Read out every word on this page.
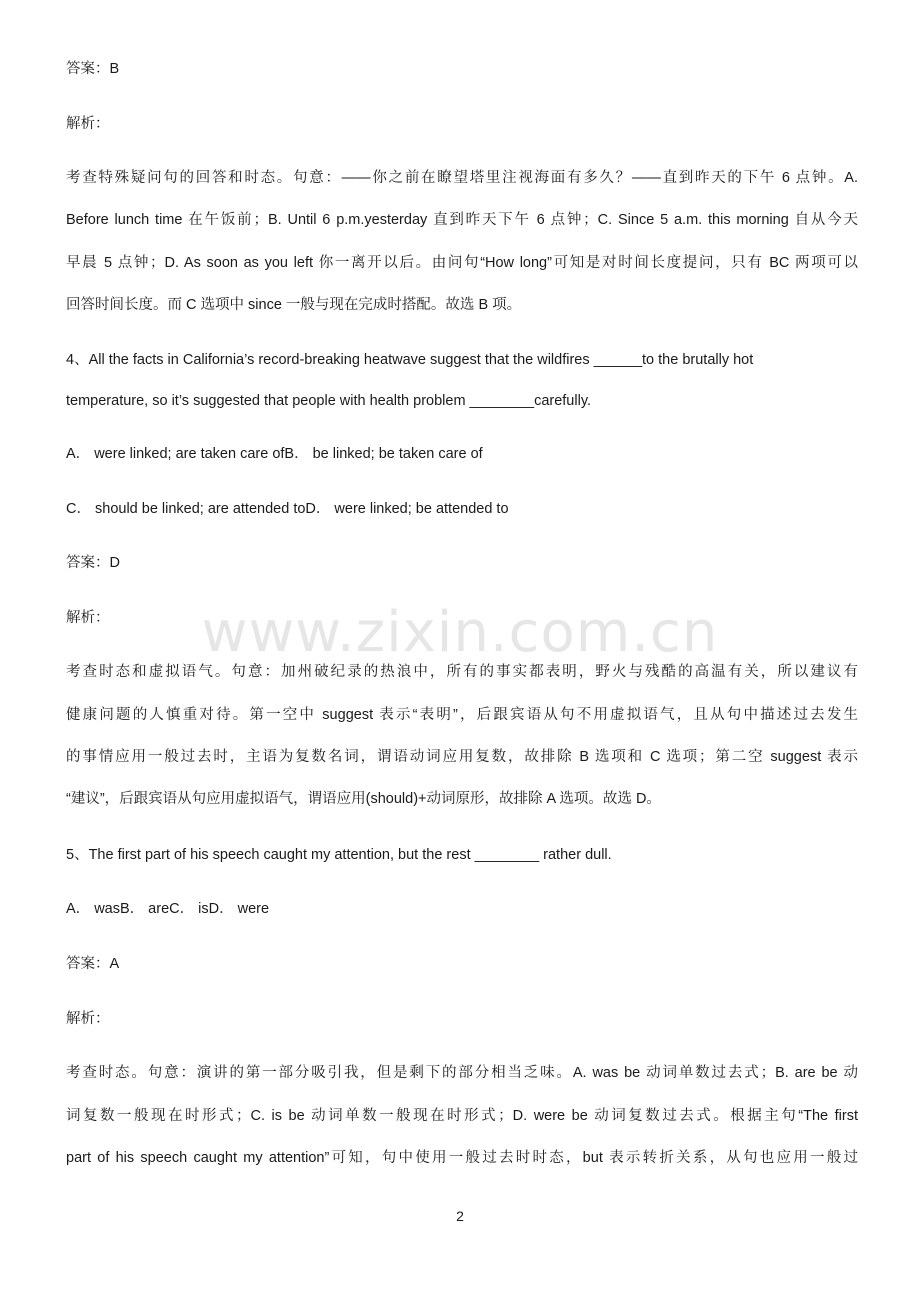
www.zixin.com.cn
答案：B
解析：
考查特殊疑问句的回答和时态。句意：——你之前在瞭望塔里注视海面有多久？——直到昨天的下午 6 点钟。A.
Before lunch time 在午饭前；B. Until 6 p.m.yesterday 直到昨天下午 6 点钟；C. Since 5 a.m. this morning 自从今天
早晨 5 点钟；D. As soon as you left 你一离开以后。由问句“How long”可知是对时间长度提问，只有 BC 两项可以
回答时间长度。而 C 选项中 since 一般与现在完成时搭配。故选 B 项。
4、All the facts in California’s record-breaking heatwave suggest that the wildfires ______to the brutally hot
temperature, so it’s suggested that people with health problem ________carefully.
A． were linked; are taken care ofB． be linked; be taken care of
C． should be linked; are attended toD． were linked; be attended to
答案：D
解析：
考查时态和虚拟语气。句意：加州破纪录的热浪中，所有的事实都表明，野火与残酷的高温有关，所以建议有
健康问题的人慎重对待。第一空中 suggest 表示“表明”，后跟宾语从句不用虚拟语气，且从句中描述过去发生
的事情应用一般过去时，主语为复数名词，谓语动词应用复数，故排除 B 选项和 C 选项；第二空 suggest 表示
“建议”，后跟宾语从句应用虚拟语气，谓语应用(should)+动词原形，故排除 A 选项。故选 D。
5、The first part of his speech caught my attention, but the rest ________ rather dull.
A． wasB． areC． isD． were
答案：A
解析：
考查时态。句意：演讲的第一部分吸引我，但是剩下的部分相当乏味。A. was be 动词单数过去式；B. are be 动
词复数一般现在时形式；C. is be 动词单数一般现在时形式；D. were be 动词复数过去式。根据主句“The first
part of his speech caught my attention”可知，句中使用一般过去时时态，but 表示转折关系，从句也应用一般过
2
